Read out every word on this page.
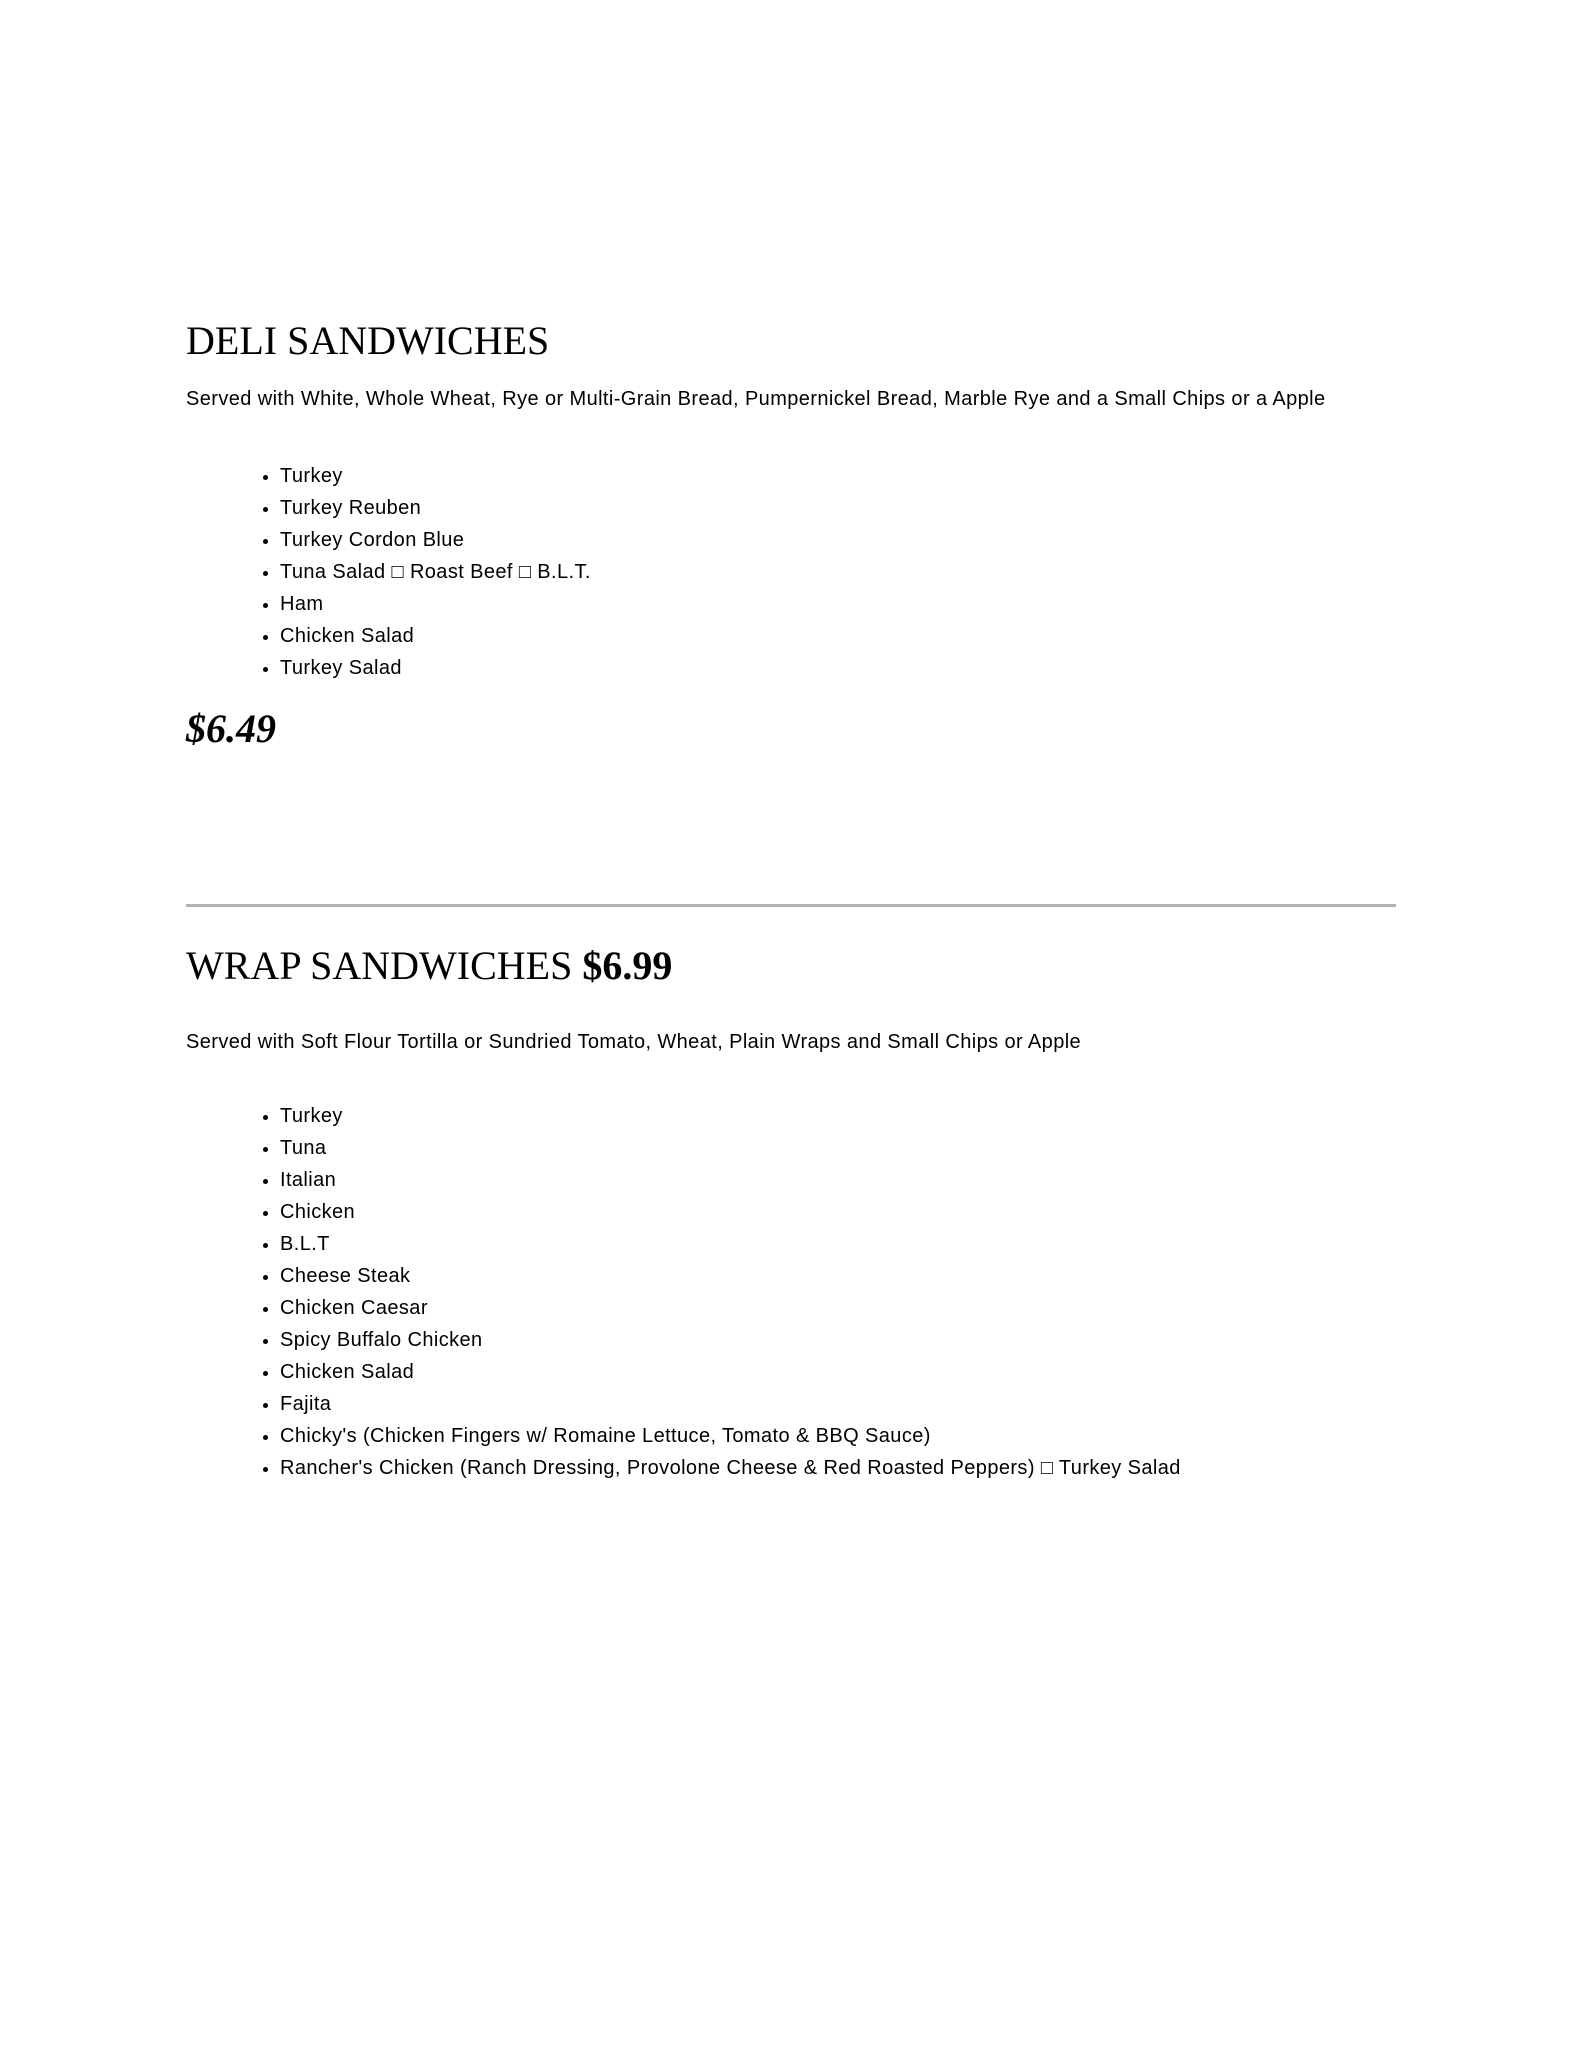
DELI SANDWICHES

Served with White, Whole Wheat, Rye or Multi-Grain Bread, Pumpernickel Bread, Marble Rye and a Small Chips or a Apple

• Turkey
• Turkey Reuben
• Turkey Cordon Blue
• Tuna Salad □ Roast Beef □ B.L.T.
• Ham
• Chicken Salad
• Turkey Salad
$6.49
WRAP SANDWICHES $6.99

Served with Soft Flour Tortilla or Sundried Tomato, Wheat, Plain Wraps and Small Chips or Apple

• Turkey
• Tuna
• Italian
• Chicken
• B.L.T
• Cheese Steak
• Chicken Caesar
• Spicy Buffalo Chicken
• Chicken Salad
• Fajita
• Chicky's (Chicken Fingers w/ Romaine Lettuce, Tomato & BBQ Sauce)
• Rancher's Chicken (Ranch Dressing, Provolone Cheese & Red Roasted Peppers) □ Turkey Salad
